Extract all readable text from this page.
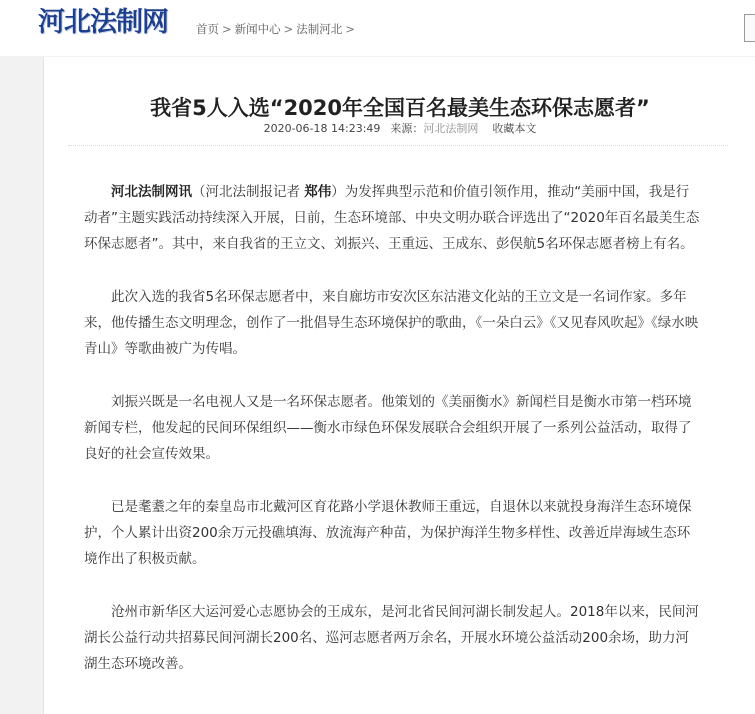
河北法制网 首页 > 新闻中心 > 法制河北 >
我省5人入选“2020年全国百名最美生态环保志愿者”
2020-06-18 14:23:49 来源：河北法制网 收藏本文

河北法制网讯（河北法制报记者 郑伟）为发挥典型示范和价值引领作用，推动“美丽中国，我是行动者”主题实践活动持续深入开展，日前，生态环境部、中央文明办联合评选出了“2020年百名最美生态环保志愿者”。其中，来自我省的王立文、刘振兴、王重远、王成东、彭俣航5名环保志愿者榜上有名。

此次入选的我省5名环保志愿者中，来自廊坊市安次区东沽港文化站的王立文是一名词作家。多年来，他传播生态文明理念，创作了一批倡导生态环境保护的歌曲，《一朵白云》《又见春风吹起》《绿水映青山》等歌曲被广为传唱。

刘振兴既是一名电视人又是一名环保志愿者。他策划的《美丽衡水》新闻栏目是衡水市第一档环境新闻专栏，他发起的民间环保组织——衡水市绿色环保发展联合会组织开展了一系列公益活动，取得了良好的社会宣传效果。

已是耄耋之年的秦皇岛市北戴河区育花路小学退休教师王重远，自退休以来就投身海洋生态环境保护，个人累计出资200余万元投礁填海、放流海产种苗，为保护海洋生物多样性、改善近岸海域生态环境作出了积极贡献。

沧州市新华区大运河爱心志愿协会的王成东，是河北省民间河湖长制发起人。2018年以来，民间河湖长公益行动共招募民间河湖长200名、巡河志愿者两万余名，开展水环境公益活动200余场，助力河湖生态环境改善。
